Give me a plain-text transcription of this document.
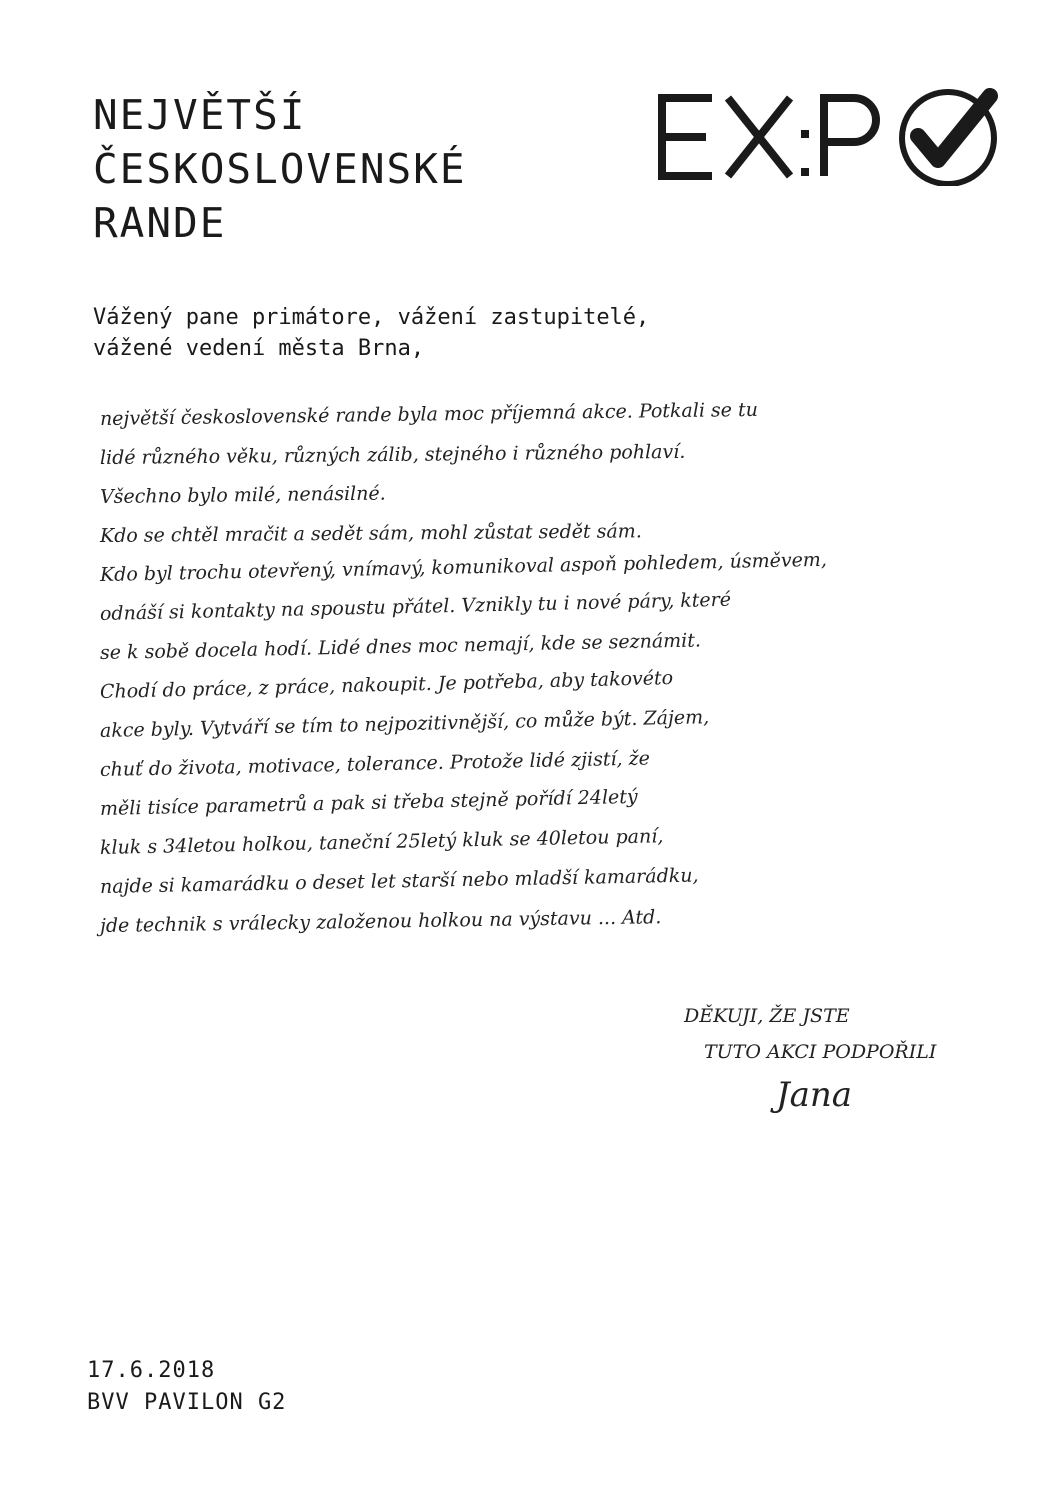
NEJVĚTŠÍ
ČESKOSLOVENSKÉ
RANDE
Vážený pane primátore, vážení zastupitelé,
vážené vedení města Brna,
největší československé rande byla moc příjemná akce. Potkali se tu
lidé různého věku, různých zálib, stejného i různého pohlaví.
Všechno bylo milé, nenásilné.
Kdo se chtěl mračit a sedět sám, mohl zůstat sedět sám.
Kdo byl trochu otevřený, vnímavý, komunikoval aspoň pohledem, úsměvem,
odnáší si kontakty na spoustu přátel. Vznikly tu i nové páry, které
se k sobě docela hodí. Lidé dnes moc nemají, kde se seznámit.
Chodí do práce, z práce, nakoupit. Je potřeba, aby takovéto
akce byly. Vytváří se tím to nejpozitivnější, co může být. Zájem,
chuť do života, motivace, tolerance. Protože lidé zjistí, že
měli tisíce parametrů a pak si třeba stejně pořídí 24letý
kluk s 34letou holkou, taneční 25letý kluk se 40letou paní,
najde si kamarádku o deset let starší nebo mladší kamarádku,
jde technik s vrálecky založenou holkou na výstavu ... Atd.
DĚKUJI, ŽE JSTE
TUTO AKCI PODPOŘILI
Jana
17.6.2018
BVV PAVILON G2
